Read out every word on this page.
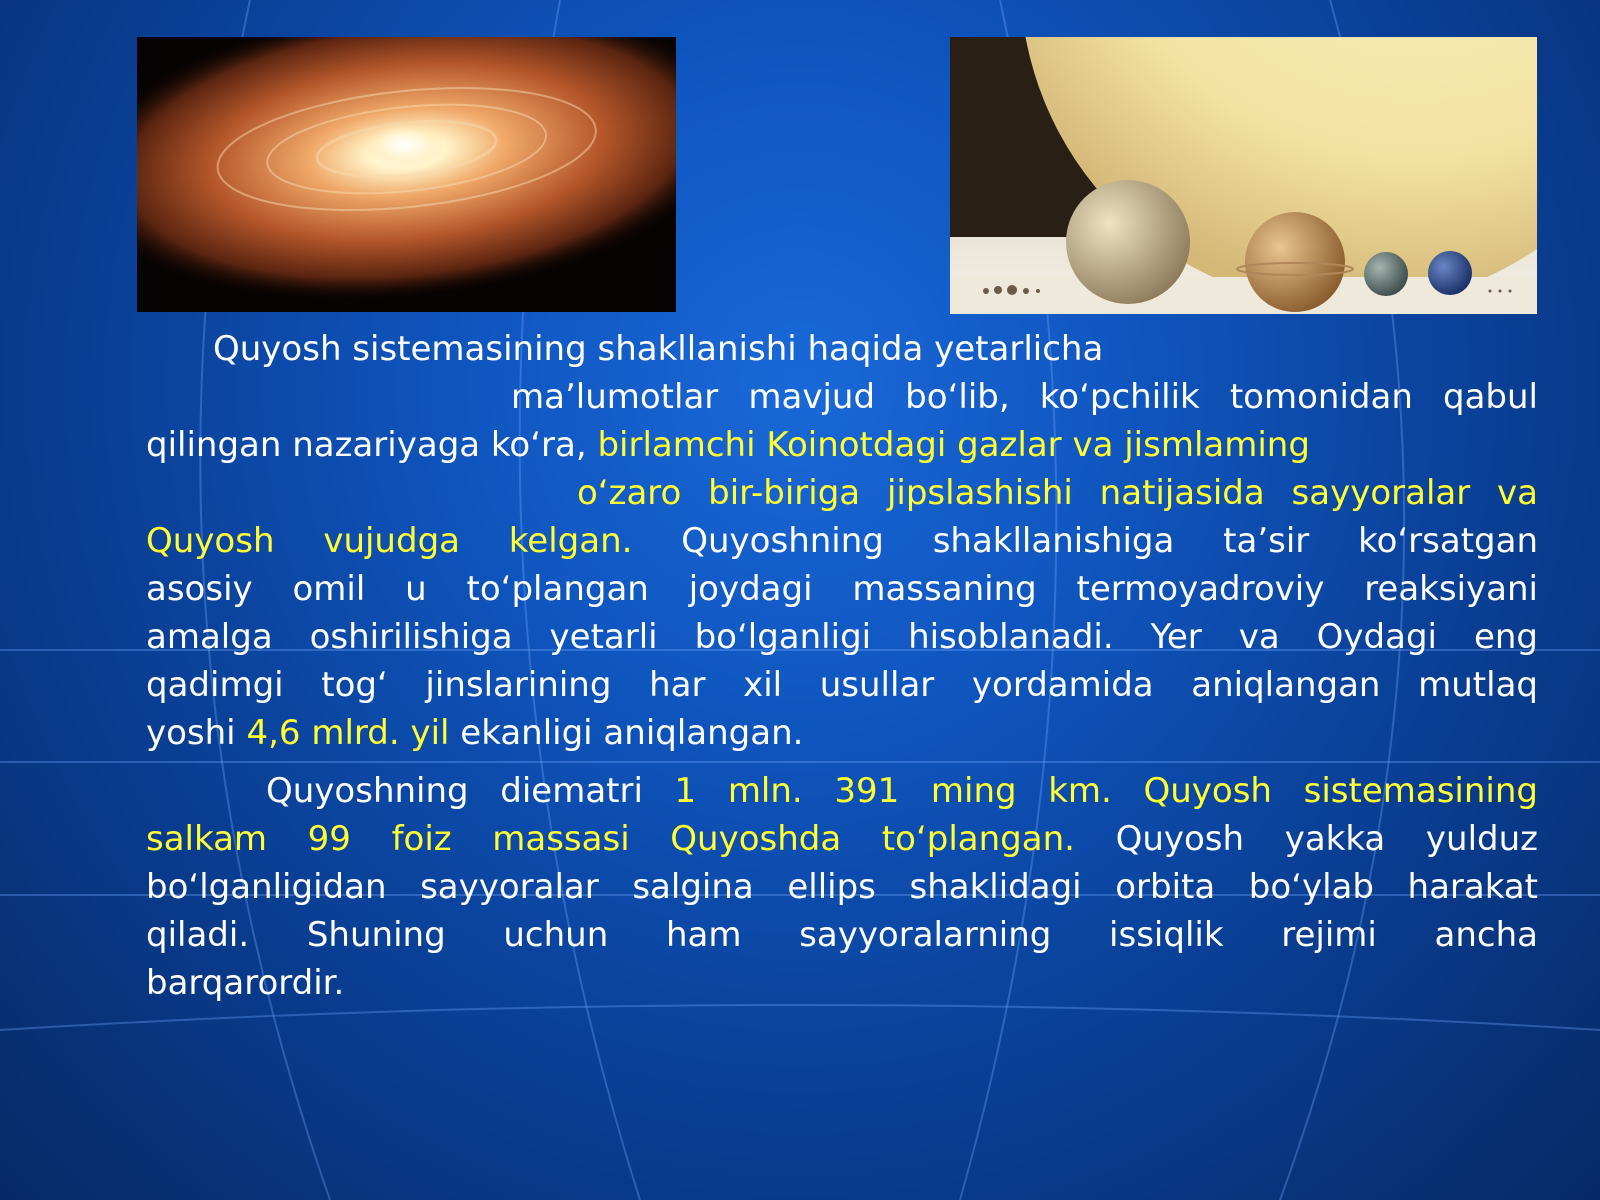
Quyosh sistemasining shakllanishi haqida yetarlicha
ma’lumotlar mavjud bo‘lib, ko‘pchilik tomonidan qabul
qilingan nazariyaga ko‘ra, birlamchi Koinotdagi gazlar va jismlaming
o‘zaro bir-biriga jipslashishi natijasida sayyoralar va
Quyosh vujudga kelgan. Quyoshning shakllanishiga ta’sir ko‘rsatgan
asosiy omil u to‘plangan joydagi massaning termoyadroviy reaksiyani
amalga oshirilishiga yetarli bo‘lganligi hisoblanadi. Yer va Oydagi eng
qadimgi tog‘ jinslarining har xil usullar yordamida aniqlangan mutlaq
yoshi 4,6 mlrd. yil ekanligi aniqlangan.
Quyoshning diematri 1 mln. 391 ming km. Quyosh sistemasining
salkam 99 foiz massasi Quyoshda to‘plangan. Quyosh yakka yulduz
bo‘lganligidan sayyoralar salgina ellips shaklidagi orbita bo‘ylab harakat
qiladi. Shuning uchun ham sayyoralarning issiqlik rejimi ancha
barqarordir.
